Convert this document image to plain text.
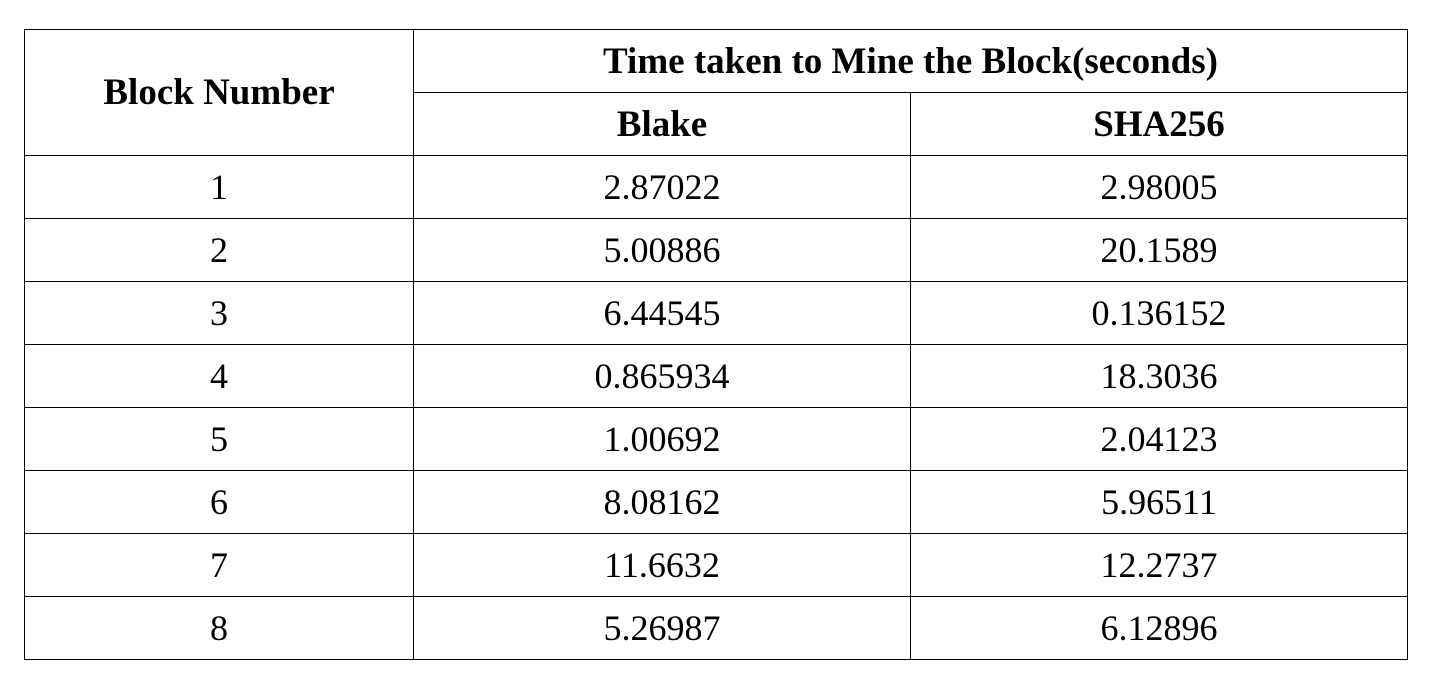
Block Number	Time taken to Mine the Block(seconds)	
	Blake	SHA256
1	2.87022	2.98005
2	5.00886	20.1589
3	6.44545	0.136152
4	0.865934	18.3036
5	1.00692	2.04123
6	8.08162	5.96511
7	11.6632	12.2737
8	5.26987	6.12896
